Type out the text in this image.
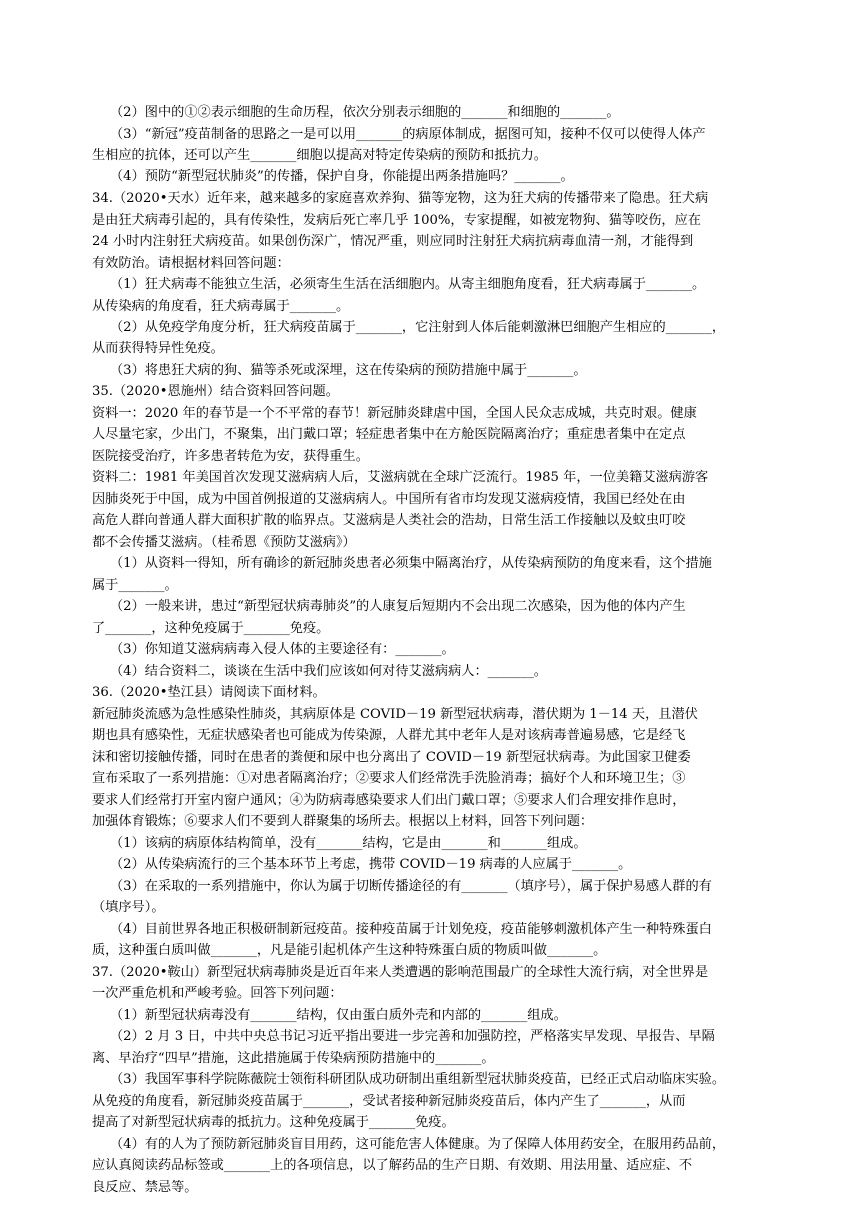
（2）图中的①②表示细胞的生命历程，依次分别表示细胞的_______和细胞的_______。
（3）“新冠”疫苗制备的思路之一是可以用_______的病原体制成，据图可知，接种不仅可以使得人体产
生相应的抗体，还可以产生_______细胞以提高对特定传染病的预防和抵抗力。
（4）预防“新型冠状肺炎”的传播，保护自身，你能提出两条措施吗？_______。
34.（2020•天水）近年来，越来越多的家庭喜欢养狗、猫等宠物，这为狂犬病的传播带来了隐患。狂犬病
是由狂犬病毒引起的，具有传染性，发病后死亡率几乎 100%，专家提醒，如被宠物狗、猫等咬伤，应在
24 小时内注射狂犬病疫苗。如果创伤深广，情况严重，则应同时注射狂犬病抗病毒血清一剂，才能得到
有效防治。请根据材料回答问题：
（1）狂犬病毒不能独立生活，必须寄生生活在活细胞内。从寄主细胞角度看，狂犬病毒属于_______。
从传染病的角度看，狂犬病毒属于_______。
（2）从免疫学角度分析，狂犬病疫苗属于_______，它注射到人体后能刺激淋巴细胞产生相应的_______，
从而获得特异性免疫。
（3）将患狂犬病的狗、猫等杀死或深埋，这在传染病的预防措施中属于_______。
35.（2020•恩施州）结合资料回答问题。
资料一：2020 年的春节是一个不平常的春节！新冠肺炎肆虐中国，全国人民众志成城，共克时艰。健康
人尽量宅家，少出门，不聚集，出门戴口罩；轻症患者集中在方舱医院隔离治疗；重症患者集中在定点
医院接受治疗，许多患者转危为安，获得重生。
资料二：1981 年美国首次发现艾滋病病人后，艾滋病就在全球广泛流行。1985 年，一位美籍艾滋病游客
因肺炎死于中国，成为中国首例报道的艾滋病病人。中国所有省市均发现艾滋病疫情，我国已经处在由
高危人群向普通人群大面积扩散的临界点。艾滋病是人类社会的浩劫，日常生活工作接触以及蚊虫叮咬
都不会传播艾滋病。（桂希恩《预防艾滋病》）
（1）从资料一得知，所有确诊的新冠肺炎患者必须集中隔离治疗，从传染病预防的角度来看，这个措施
属于_______。
（2）一般来讲，患过“新型冠状病毒肺炎”的人康复后短期内不会出现二次感染，因为他的体内产生
了_______，这种免疫属于_______免疫。
（3）你知道艾滋病病毒入侵人体的主要途径有：_______。
（4）结合资料二，谈谈在生活中我们应该如何对待艾滋病病人：_______。
36.（2020•垫江县）请阅读下面材料。
新冠肺炎流感为急性感染性肺炎，其病原体是 COVID－19 新型冠状病毒，潜伏期为 1－14 天，且潜伏
期也具有感染性，无症状感染者也可能成为传染源，人群尤其中老年人是对该病毒普遍易感，它是经飞
沫和密切接触传播，同时在患者的粪便和尿中也分离出了 COVID－19 新型冠状病毒。为此国家卫健委
宣布采取了一系列措施：①对患者隔离治疗；②要求人们经常洗手洗脸消毒；搞好个人和环境卫生；③
要求人们经常打开室内窗户通风；④为防病毒感染要求人们出门戴口罩；⑤要求人们合理安排作息时，
加强体育锻炼；⑥要求人们不要到人群聚集的场所去。根据以上材料，回答下列问题：
（1）该病的病原体结构简单，没有_______结构，它是由_______和_______组成。
（2）从传染病流行的三个基本环节上考虑，携带 COVID－19 病毒的人应属于_______。
（3）在采取的一系列措施中，你认为属于切断传播途径的有_______（填序号），属于保护易感人群的有
（填序号）。
（4）目前世界各地正积极研制新冠疫苗。接种疫苗属于计划免疫，疫苗能够刺激机体产生一种特殊蛋白
质，这种蛋白质叫做_______，凡是能引起机体产生这种特殊蛋白质的物质叫做_______。
37.（2020•鞍山）新型冠状病毒肺炎是近百年来人类遭遇的影响范围最广的全球性大流行病，对全世界是
一次严重危机和严峻考验。回答下列问题：
（1）新型冠状病毒没有_______结构，仅由蛋白质外壳和内部的_______组成。
（2）2 月 3 日，中共中央总书记习近平指出要进一步完善和加强防控，严格落实早发现、早报告、早隔
离、早治疗“四早”措施，这此措施属于传染病预防措施中的_______。
（3）我国军事科学院陈薇院士领衔科研团队成功研制出重组新型冠状肺炎疫苗，已经正式启动临床实验。
从免疫的角度看，新冠肺炎疫苗属于_______，受试者接种新冠肺炎疫苗后，体内产生了_______，从而
提高了对新型冠状病毒的抵抗力。这种免疫属于_______免疫。
（4）有的人为了预防新冠肺炎盲目用药，这可能危害人体健康。为了保障人体用药安全，在服用药品前，
应认真阅读药品标签或_______上的各项信息，以了解药品的生产日期、有效期、用法用量、适应症、不
良反应、禁忌等。
